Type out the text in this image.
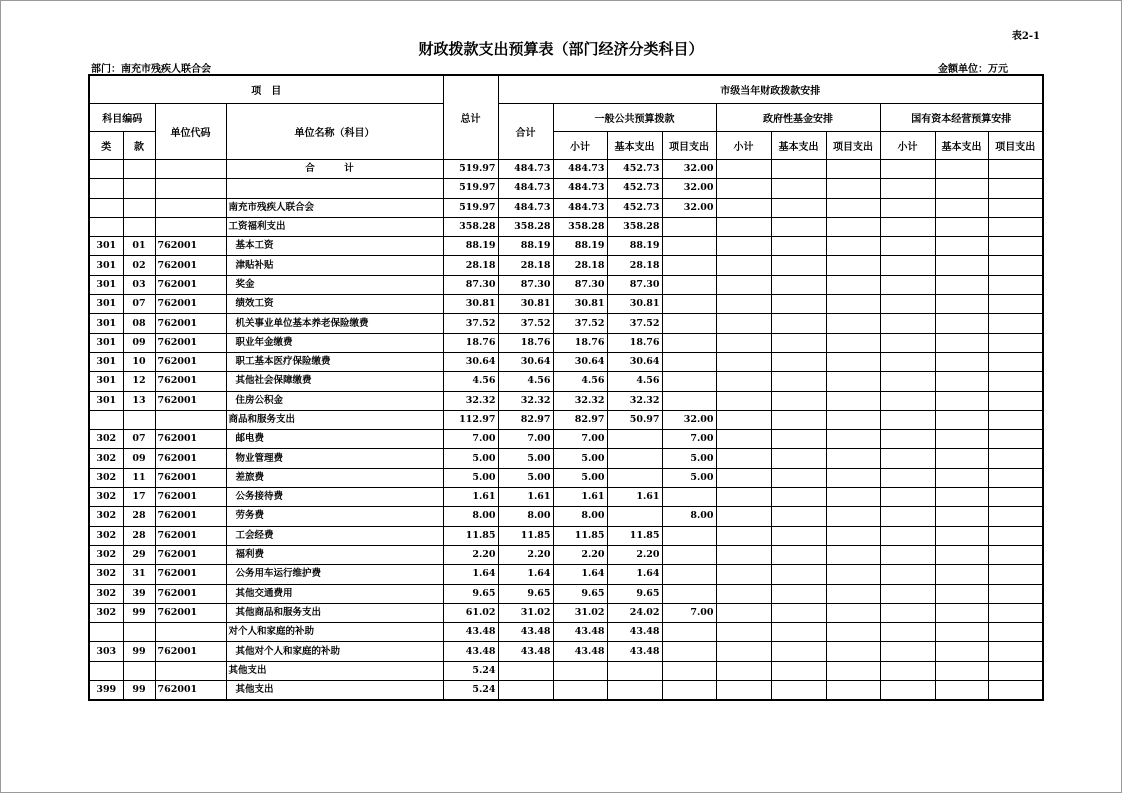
表2-1
财政拨款支出预算表（部门经济分类科目）
部门：南充市残疾人联合会	金额单位：万元
项　目				总计	市级当年财政拨款安排									
科目编码		单位代码	单位名称（科目）		合计	一般公共预算拨款			政府性基金安排			国有资本经营预算安排		
类	款					小计	基本支出	项目支出	小计	基本支出	项目支出	小计	基本支出	项目支出
			合　计	519.97	484.73	484.73	452.73	32.00						
				519.97	484.73	484.73	452.73	32.00						
			南充市残疾人联合会	519.97	484.73	484.73	452.73	32.00						
			工资福利支出	358.28	358.28	358.28	358.28							
301	01	762001	基本工资	88.19	88.19	88.19	88.19							
301	02	762001	津贴补贴	28.18	28.18	28.18	28.18							
301	03	762001	奖金	87.30	87.30	87.30	87.30							
301	07	762001	绩效工资	30.81	30.81	30.81	30.81							
301	08	762001	机关事业单位基本养老保险缴费	37.52	37.52	37.52	37.52							
301	09	762001	职业年金缴费	18.76	18.76	18.76	18.76							
301	10	762001	职工基本医疗保险缴费	30.64	30.64	30.64	30.64							
301	12	762001	其他社会保障缴费	4.56	4.56	4.56	4.56							
301	13	762001	住房公积金	32.32	32.32	32.32	32.32							
			商品和服务支出	112.97	82.97	82.97	50.97	32.00						
302	07	762001	邮电费	7.00	7.00	7.00		7.00						
302	09	762001	物业管理费	5.00	5.00	5.00		5.00						
302	11	762001	差旅费	5.00	5.00	5.00		5.00						
302	17	762001	公务接待费	1.61	1.61	1.61	1.61							
302	28	762001	劳务费	8.00	8.00	8.00		8.00						
302	28	762001	工会经费	11.85	11.85	11.85	11.85							
302	29	762001	福利费	2.20	2.20	2.20	2.20							
302	31	762001	公务用车运行维护费	1.64	1.64	1.64	1.64							
302	39	762001	其他交通费用	9.65	9.65	9.65	9.65							
302	99	762001	其他商品和服务支出	61.02	31.02	31.02	24.02	7.00						
			对个人和家庭的补助	43.48	43.48	43.48	43.48							
303	99	762001	其他对个人和家庭的补助	43.48	43.48	43.48	43.48							
			其他支出	5.24										
399	99	762001	其他支出	5.24										
